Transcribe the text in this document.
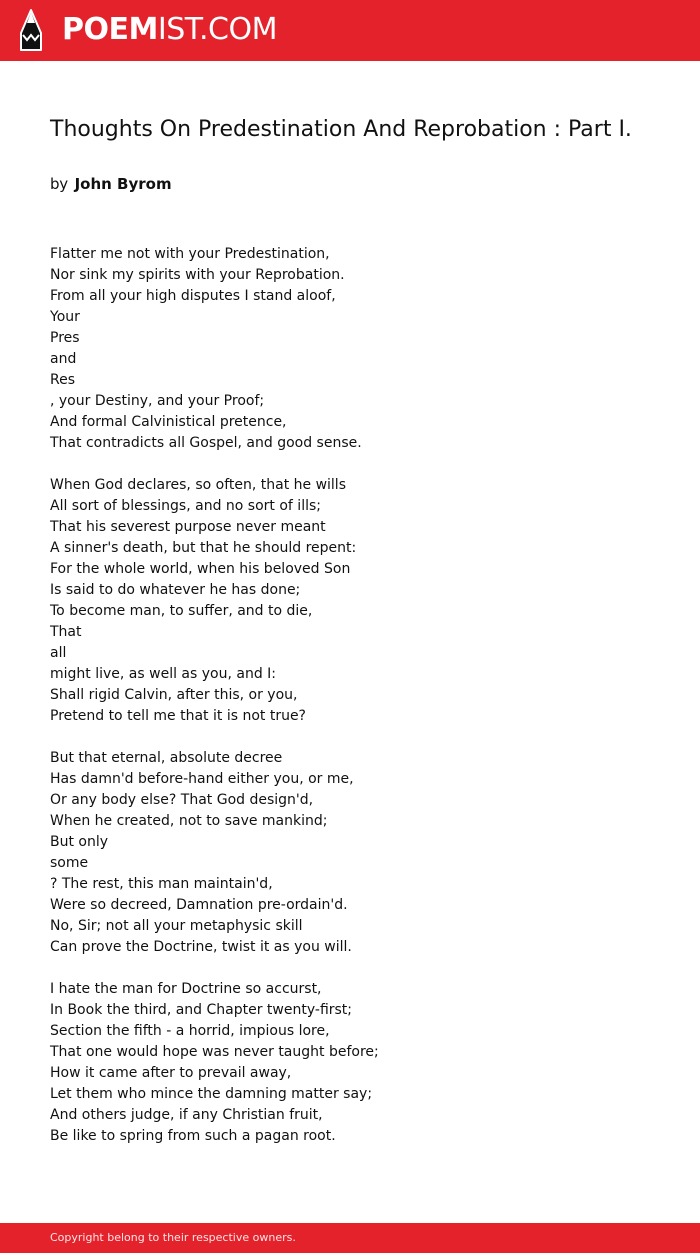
POEMIST.COM
Thoughts On Predestination And Reprobation : Part I.
by John Byrom
Flatter me not with your Predestination,
Nor sink my spirits with your Reprobation.
From all your high disputes I stand aloof,
Your
Pres
and
Res
, your Destiny, and your Proof;
And formal Calvinistical pretence,
That contradicts all Gospel, and good sense.
When God declares, so often, that he wills
All sort of blessings, and no sort of ills;
That his severest purpose never meant
A sinner's death, but that he should repent:
For the whole world, when his beloved Son
Is said to do whatever he has done;
To become man, to suffer, and to die,
That
all
might live, as well as you, and I:
Shall rigid Calvin, after this, or you,
Pretend to tell me that it is not true?
But that eternal, absolute decree
Has damn'd before-hand either you, or me,
Or any body else? That God design'd,
When he created, not to save mankind;
But only
some
? The rest, this man maintain'd,
Were so decreed, Damnation pre-ordain'd.
No, Sir; not all your metaphysic skill
Can prove the Doctrine, twist it as you will.
I hate the man for Doctrine so accurst,
In Book the third, and Chapter twenty-first;
Section the fifth - a horrid, impious lore,
That one would hope was never taught before;
How it came after to prevail away,
Let them who mince the damning matter say;
And others judge, if any Christian fruit,
Be like to spring from such a pagan root.
Copyright belong to their respective owners.
